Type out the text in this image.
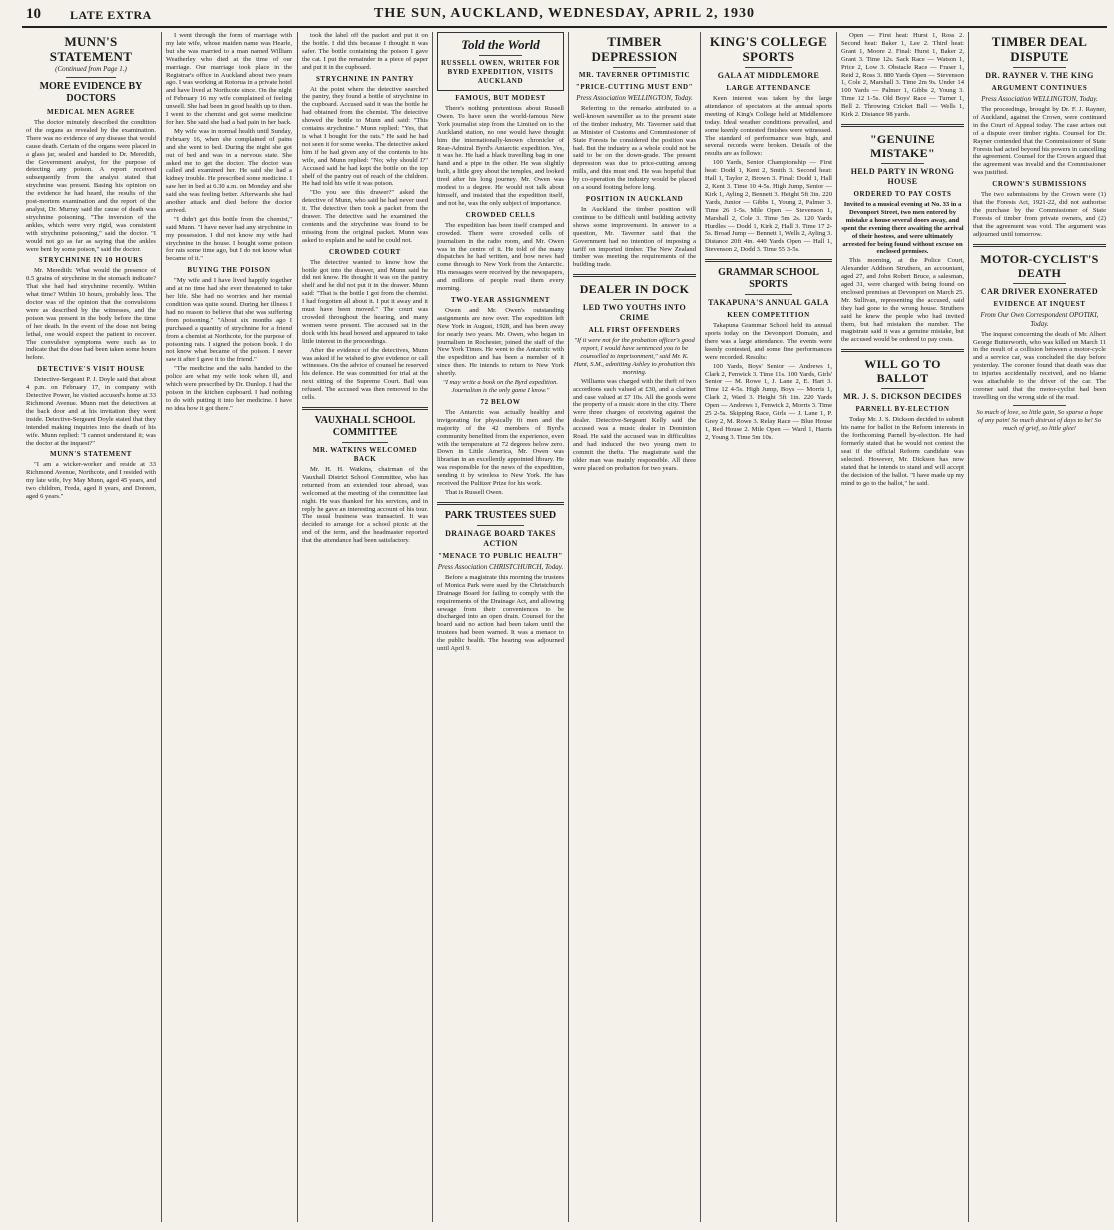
10 LATE EXTRA	THE SUN, AUCKLAND, WEDNESDAY, APRIL 2, 1930
MUNN'S STATEMENT
(Continued from Page 1.)
MORE EVIDENCE BY DOCTORS
MEDICAL MEN AGREE

The doctor minutely described the condition of the organs as revealed by the examination. There was no evidence of any disease that would cause death. Certain of the organs were placed in a glass jar, sealed and handed to Dr. Meredith, the Government analyst, for the purpose of detecting any poison. A report received subsequently from the analyst stated that strychnine was present. Basing his opinion on the evidence he had heard, the results of the post-mortem examination and the report of the analyst, Dr. Murray said the cause of death was strychnine poisoning. "The inversion of the ankles, which were very rigid, was consistent with strychnine poisoning," said the doctor. "I would not go as far as saying that the ankles were bent by some poison," said the doctor.

STRYCHNINE IN 10 HOURS

Mr. Meredith: What would the presence of 0.5 grains of strychnine in the stomach indicate? That she had had strychnine recently. Within what time? Within 10 hours, probably less. The doctor was of the opinion that the convulsions were as described by the witnesses, and the poison was present in the body before the time of her death. In the event of the dose not being lethal, one would expect the patient to recover. The convulsive symptoms were such as to indicate that the dose had been taken some hours before.

DETECTIVE'S VISIT HOUSE

Detective-Sergeant P. J. Doyle said that about 4 p.m. on February 17, in company with Detective Power, he visited accused's home at 33 Richmond Avenue. Munn met the detectives at the back door and at his invitation they went inside. Detective-Sergeant Doyle stated that they intended making inquiries into the death of his wife. Munn replied: "I cannot understand it; was the doctor at the inquest?"

MUNN'S STATEMENT

"I am a wicker-worker and reside at 33 Richmond Avenue, Northcote, and I resided with my late wife, Ivy May Munn, aged 45 years, and two children, Freda, aged 8 years, and Doreen, aged 6 years."

I went through the form of marriage with my late wife, whose maiden name was Hearle, but she was married to a man named William Weatherley who died at the time of our marriage. Our marriage took place in the Registrar's office in Auckland about two years ago. I was working at Rotorua in a private hotel and have lived at Northcote since. On the night of February 16 my wife complained of feeling unwell. She had been in good health up to then. I went to the chemist and got some medicine for her. She said she had a bad pain in her back.

My wife was in normal health until Sunday, February 16, when she complained of pains and she went to bed. During the night she got out of bed and was in a nervous state. She asked me to get the doctor. The doctor was called and examined her. He said she had a kidney trouble. He prescribed some medicine. I saw her in bed at 6.30 a.m. on Monday and she said she was feeling better. Afterwards she had another attack and died before the doctor arrived.

"I didn't get this bottle from the chemist," said Munn. "I have never had any strychnine in my possession. I did not know my wife had strychnine in the house. I bought some poison for rats some time ago, but I do not know what became of it."

BUYING THE POISON

"My wife and I have lived happily together and at no time had she ever threatened to take her life. She had no worries and her mental condition was quite sound. During her illness I had no reason to believe that she was suffering from poisoning." "About six months ago I purchased a quantity of strychnine for a friend from a chemist at Northcote, for the purpose of poisoning rats. I signed the poison book. I do not know what became of the poison. I never saw it after I gave it to the friend."

"The medicine and the salts handed to the police are what my wife took when ill, and which were prescribed by Dr. Dunlop. I had the poison in the kitchen cupboard. I had nothing to do with putting it into her medicine. I have no idea how it got there."

took the label off the packet and put it on the bottle. I did this because I thought it was safer. The bottle containing the poison I gave the cat. I put the remainder in a piece of paper and put it in the cupboard.

STRYCHNINE IN PANTRY

At the point where the detective searched the pantry, they found a bottle of strychnine in the cupboard. Accused said it was the bottle he had obtained from the chemist. The detective showed the bottle to Munn and said: "This contains strychnine." Munn replied: "Yes, that is what I bought for the rats." He said he had not seen it for some weeks. The detective asked him if he had given any of the contents to his wife, and Munn replied: "No; why should I?" Accused said he had kept the bottle on the top shelf of the pantry out of reach of the children. He had told his wife it was poison.

"Do you see this drawer?" asked the detective of Munn, who said he had never used it. The detective then took a packet from the drawer. The detective said he examined the contents and the strychnine was found to be missing from the original packet. Munn was asked to explain and he said he could not.

CROWDED COURT

The detective wanted to know how the bottle got into the drawer, and Munn said he did not know. He thought it was on the pantry shelf and he did not put it in the drawer. Munn said: "That is the bottle I got from the chemist. I had forgotten all about it. I put it away and it must have been moved." The court was crowded throughout the hearing, and many women were present. The accused sat in the dock with his head bowed and appeared to take little interest in the proceedings.

After the evidence of the detectives, Munn was asked if he wished to give evidence or call witnesses. On the advice of counsel he reserved his defence. He was committed for trial at the next sitting of the Supreme Court. Bail was refused. The accused was then removed to the cells.

VAUXHALL SCHOOL COMMITTEE
MR. WATKINS WELCOMED BACK

Mr. H. H. Watkins, chairman of the Vauxhall District School Committee, who has returned from an extended tour abroad, was welcomed at the meeting of the committee last night. He was thanked for his services, and in reply he gave an interesting account of his tour. The usual business was transacted. It was decided to arrange for a school picnic at the end of the term, and the headmaster reported that the attendance had been satisfactory.

Told the World
RUSSELL OWEN, WRITER FOR BYRD EXPEDITION, VISITS AUCKLAND
FAMOUS, BUT MODEST

There's nothing pretentious about Russell Owen. To have seen the world-famous New York journalist step from the Limited on to the Auckland station, no one would have thought him the internationally-known chronicler of Rear-Admiral Byrd's Antarctic expedition. Yes, it was he. He had a black travelling bag in one hand and a pipe in the other. He was slightly built, a little grey about the temples, and looked tired after his long journey. Mr. Owen was modest to a degree. He would not talk about himself, and insisted that the expedition itself, and not he, was the only subject of importance.

CROWDED CELLS

The expedition has been itself cramped and crowded. There were crowded cells of journalism in the radio room, and Mr. Owen was in the centre of it. He told of the many dispatches he had written, and how news had come through to New York from the Antarctic. His messages were received by the newspapers, and millions of people read them every morning.

TWO-YEAR ASSIGNMENT

Owen and Mr. Owen's outstanding assignments are now over. The expedition left New York in August, 1928, and has been away for nearly two years. Mr. Owen, who began in journalism in Rochester, joined the staff of the New York Times. He went to the Antarctic with the expedition and has been a member of it since then. He intends to return to New York shortly.

"I may write a book on the Byrd expedition. Journalism is the only game I know."

72 BELOW

The Antarctic was actually healthy and invigorating for physically fit men and the majority of the 42 members of Byrd's community benefited from the experience, even with the temperature at 72 degrees below zero. Down in Little America, Mr. Owen was librarian in an excellently appointed library. He was responsible for the news of the expedition, sending it by wireless to New York. He has received the Pulitzer Prize for his work.

That is Russell Owen.

PARK TRUSTEES SUED
DRAINAGE BOARD TAKES ACTION
"MENACE TO PUBLIC HEALTH"
Press Association CHRISTCHURCH, Today.

Before a magistrate this morning the trustees of Monica Park were sued by the Christchurch Drainage Board for failing to comply with the requirements of the Drainage Act, and allowing sewage from their conveniences to be discharged into an open drain. Counsel for the board said no action had been taken until the trustees had been warned. It was a menace to the public health. The hearing was adjourned until April 9.

TIMBER DEPRESSION
MR. TAVERNER OPTIMISTIC
"PRICE-CUTTING MUST END"
Press Association WELLINGTON, Today.

Referring to the remarks attributed to a well-known sawmiller as to the present state of the timber industry, Mr. Taverner said that as Minister of Customs and Commissioner of State Forests he considered the position was bad. But the industry as a whole could not be said to be on the down-grade. The present depression was due to price-cutting among mills, and this must end. He was hopeful that by co-operation the industry would be placed on a sound footing before long.

POSITION IN AUCKLAND

In Auckland the timber position will continue to be difficult until building activity shows some improvement. In answer to a question, Mr. Taverner said that the Government had no intention of imposing a tariff on imported timber. The New Zealand timber was meeting the requirements of the building trade.

DEALER IN DOCK
LED TWO YOUTHS INTO CRIME
ALL FIRST OFFENDERS

"If it were not for the probation officer's good report, I would have sentenced you to be counselled to imprisonment," said Mr. K. Hunt, S.M., admitting Ashley to probation this morning.

Williams was charged with the theft of two accordions each valued at £30, and a clarinet and case valued at £7 10s. All the goods were the property of a music store in the city. There were three charges of receiving against the dealer. Detective-Sergeant Kelly said the accused was a music dealer in Dominion Road. He said the accused was in difficulties and had induced the two young men to commit the thefts. The magistrate said the older man was mainly responsible. All three were placed on probation for two years.

KING'S COLLEGE SPORTS
GALA AT MIDDLEMORE
LARGE ATTENDANCE

Keen interest was taken by the large attendance of spectators at the annual sports meeting of King's College held at Middlemore today. Ideal weather conditions prevailed, and some keenly contested finishes were witnessed. The standard of performance was high, and several records were broken. Details of the results are as follows:

100 Yards, Senior Championship — First heat: Dodd 1, Kent 2, Smith 3. Second heat: Hall 1, Taylor 2, Brown 3. Final: Dodd 1, Hall 2, Kent 3. Time 10 4-5s. High Jump, Senior — Kirk 1, Ayling 2, Bennett 3. Height 5ft 3in. 220 Yards, Junior — Gibbs 1, Young 2, Palmer 3. Time 26 1-5s. Mile Open — Stevenson 1, Marshall 2, Cole 3. Time 5m 2s. 120 Yards Hurdles — Dodd 1, Kirk 2, Hall 3. Time 17 2-5s. Broad Jump — Bennett 1, Wells 2, Ayling 3. Distance 20ft 4in. 440 Yards Open — Hall 1, Stevenson 2, Dodd 3. Time 55 3-5s.

GRAMMAR SCHOOL SPORTS
TAKAPUNA'S ANNUAL GALA
KEEN COMPETITION

Takapuna Grammar School held its annual sports today on the Devonport Domain, and there was a large attendance. The events were keenly contested, and some fine performances were recorded. Results:

100 Yards, Boys' Senior — Andrews 1, Clark 2, Fenwick 3. Time 11s. 100 Yards, Girls' Senior — M. Rowe 1, J. Lane 2, E. Hart 3. Time 12 4-5s. High Jump, Boys — Morris 1, Clark 2, Ward 3. Height 5ft 1in. 220 Yards Open — Andrews 1, Fenwick 2, Morris 3. Time 25 2-5s. Skipping Race, Girls — J. Lane 1, P. Grey 2, M. Rowe 3. Relay Race — Blue House 1, Red House 2. Mile Open — Ward 1, Harris 2, Young 3. Time 5m 10s.

Open — First heat: Hurst 1, Ross 2. Second heat: Baker 1, Lee 2. Third heat: Grant 1, Moore 2. Final: Hurst 1, Baker 2, Grant 3. Time 12s. Sack Race — Watson 1, Price 2, Low 3. Obstacle Race — Fraser 1, Reid 2, Ross 3. 880 Yards Open — Stevenson 1, Cole 2, Marshall 3. Time 2m 9s. Under 14 100 Yards — Palmer 1, Gibbs 2, Young 3. Time 12 1-5s. Old Boys' Race — Turner 1, Bell 2. Throwing Cricket Ball — Wells 1, Kirk 2. Distance 98 yards.

"GENUINE MISTAKE"
HELD PARTY IN WRONG HOUSE
ORDERED TO PAY COSTS

Invited to a musical evening at No. 33 in a Devonport Street, two men entered by mistake a house several doors away, and spent the evening there awaiting the arrival of their hostess, and were ultimately arrested for being found without excuse on enclosed premises.

This morning, at the Police Court, Alexander Addison Struthers, an accountant, aged 27, and John Robert Bruce, a salesman, aged 31, were charged with being found on enclosed premises at Devonport on March 25. Mr. Sullivan, representing the accused, said they had gone to the wrong house. Struthers said he knew the people who had invited them, but had mistaken the number. The magistrate said it was a genuine mistake, but the accused would be ordered to pay costs.

WILL GO TO BALLOT
MR. J. S. DICKSON DECIDES
PARNELL BY-ELECTION

Today Mr. J. S. Dickson decided to submit his name for ballot in the Reform interests in the forthcoming Parnell by-election. He had formerly stated that he would not contest the seat if the official Reform candidate was selected. However, Mr. Dickson has now stated that he intends to stand and will accept the decision of the ballot. "I have made up my mind to go to the ballot," he said.

TIMBER DEAL DISPUTE
DR. RAYNER V. THE KING
ARGUMENT CONTINUES
Press Association WELLINGTON, Today.

The proceedings, brought by Dr. F. J. Rayner, of Auckland, against the Crown, were continued in the Court of Appeal today. The case arises out of a dispute over timber rights. Counsel for Dr. Rayner contended that the Commissioner of State Forests had acted beyond his powers in cancelling the agreement. Counsel for the Crown argued that the agreement was invalid and the Commissioner was justified.

CROWN'S SUBMISSIONS

The two submissions by the Crown were (1) that the Forests Act, 1921-22, did not authorise the purchase by the Commissioner of State Forests of timber from private owners, and (2) that the agreement was void. The argument was adjourned until tomorrow.

MOTOR-CYCLIST'S DEATH
CAR DRIVER EXONERATED
EVIDENCE AT INQUEST
From Our Own Correspondent OPOTIKI, Today.

The inquest concerning the death of Mr. Albert George Butterworth, who was killed on March 11 in the result of a collision between a motor-cycle and a service car, was concluded the day before yesterday. The coroner found that death was due to injuries accidentally received, and no blame was attachable to the driver of the car. The coroner said that the motor-cyclist had been travelling on the wrong side of the road.

So much of love, so little gain, So sparse a hope of any pain! So much distrust of days to be! So much of grief, so little glee!
